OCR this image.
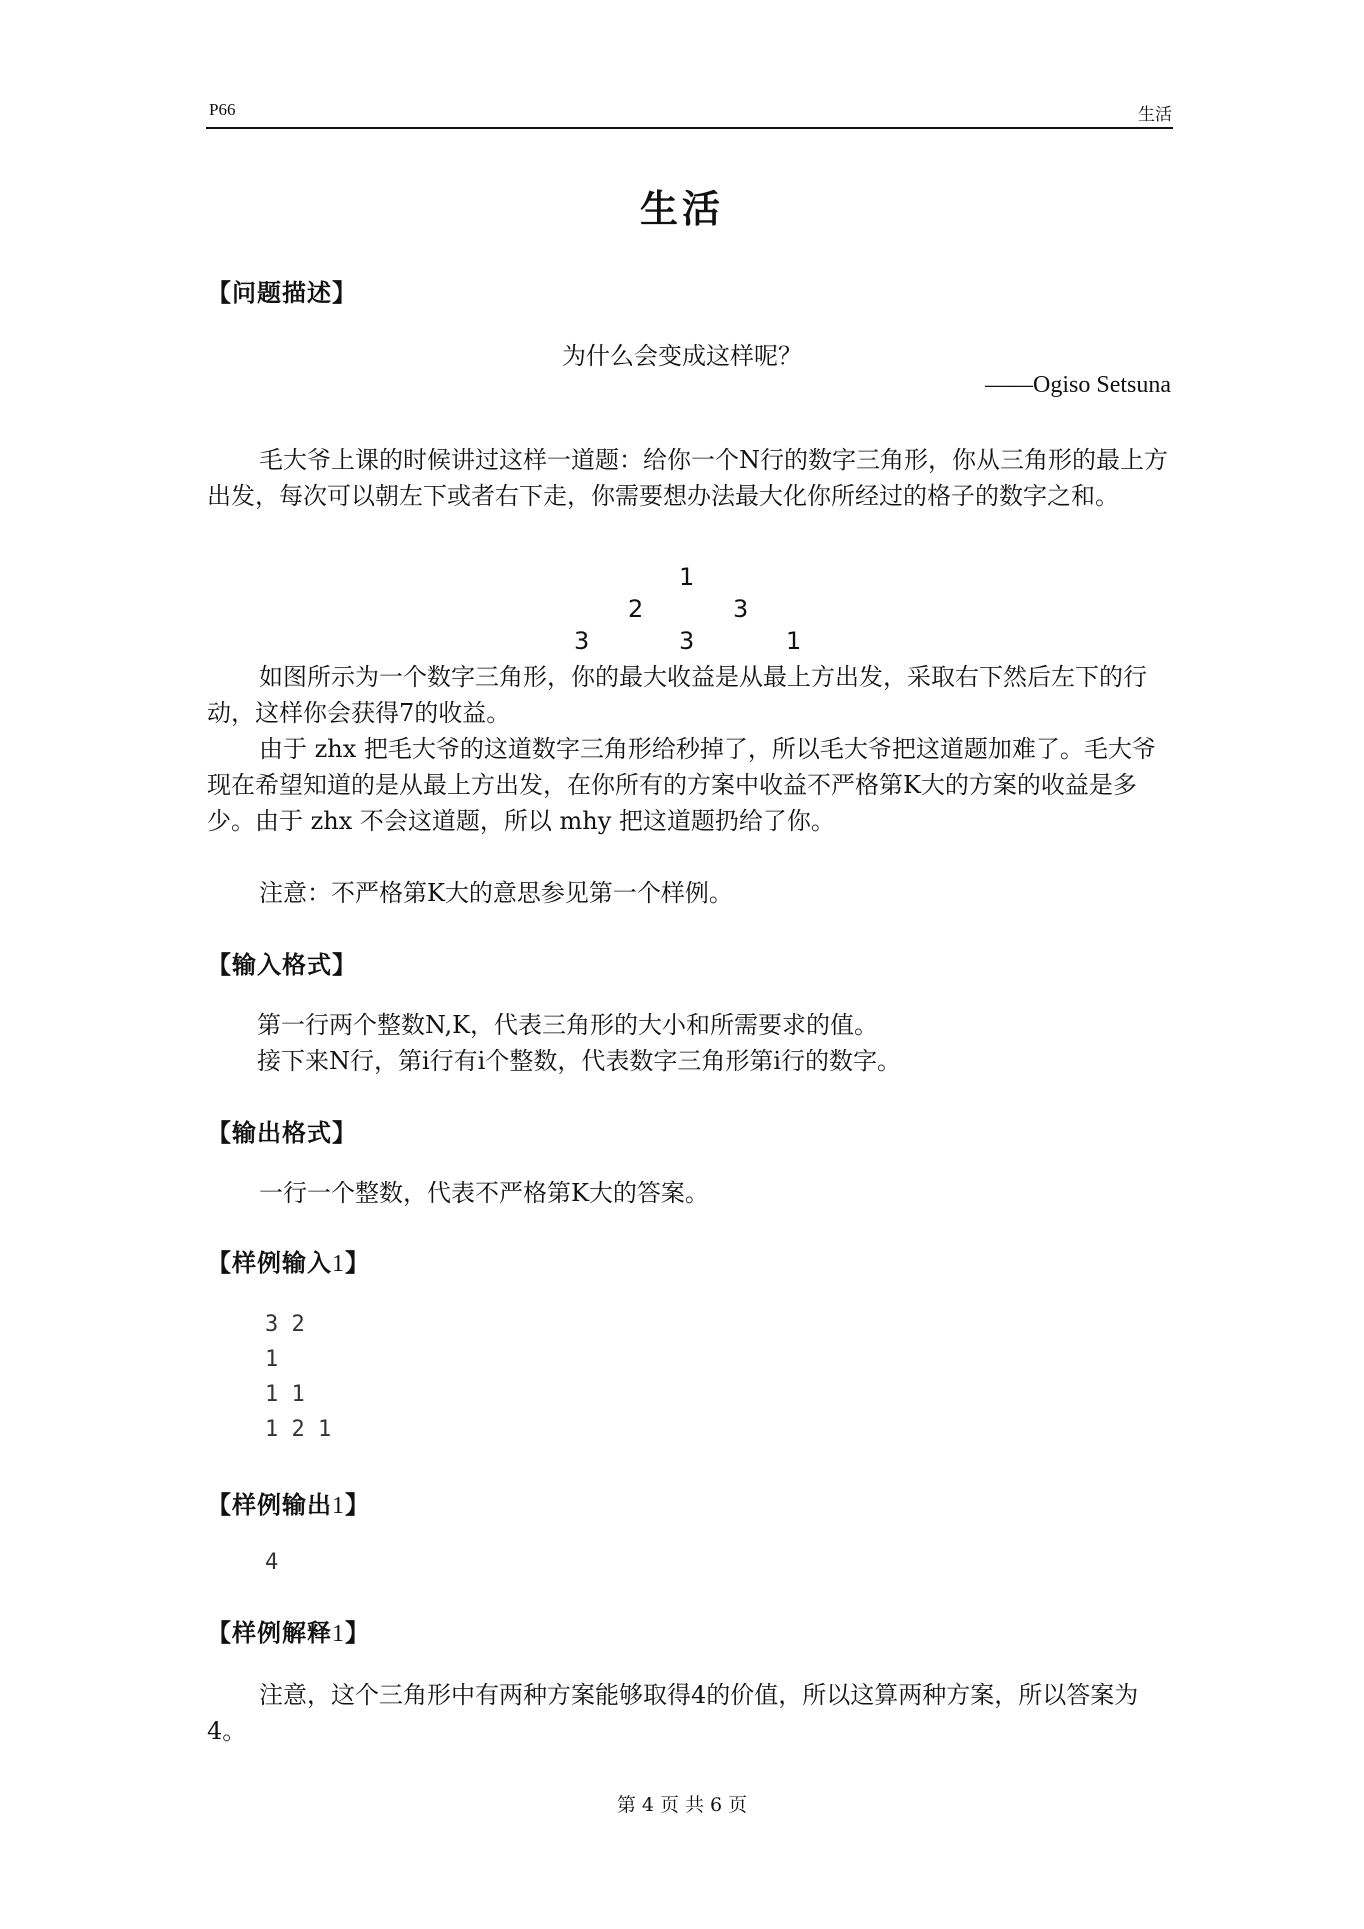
P66	生活
生活
【问题描述】
为什么会变成这样呢？
——Ogiso Setsuna

毛大爷上课的时候讲过这样一道题：给你一个N行的数字三角形，你从三角形的最上方出发，每次可以朝左下或者右下走，你需要想办法最大化你所经过的格子的数字之和。

1
2	3
3	3	1

如图所示为一个数字三角形，你的最大收益是从最上方出发，采取右下然后左下的行动，这样你会获得7的收益。

由于 zhx 把毛大爷的这道数字三角形给秒掉了，所以毛大爷把这道题加难了。毛大爷现在希望知道的是从最上方出发，在你所有的方案中收益不严格第K大的方案的收益是多少。由于 zhx 不会这道题，所以 mhy 把这道题扔给了你。

注意：不严格第K大的意思参见第一个样例。

【输入格式】

第一行两个整数N,K，代表三角形的大小和所需要求的值。

接下来N行，第i行有i个整数，代表数字三角形第i行的数字。

【输出格式】

一行一个整数，代表不严格第K大的答案。

【样例输入1】
3 2
1
1 1
1 2 1
【样例输出1】
4
【样例解释1】

注意，这个三角形中有两种方案能够取得4的价值，所以这算两种方案，所以答案为4。

第 4 页 共 6 页
